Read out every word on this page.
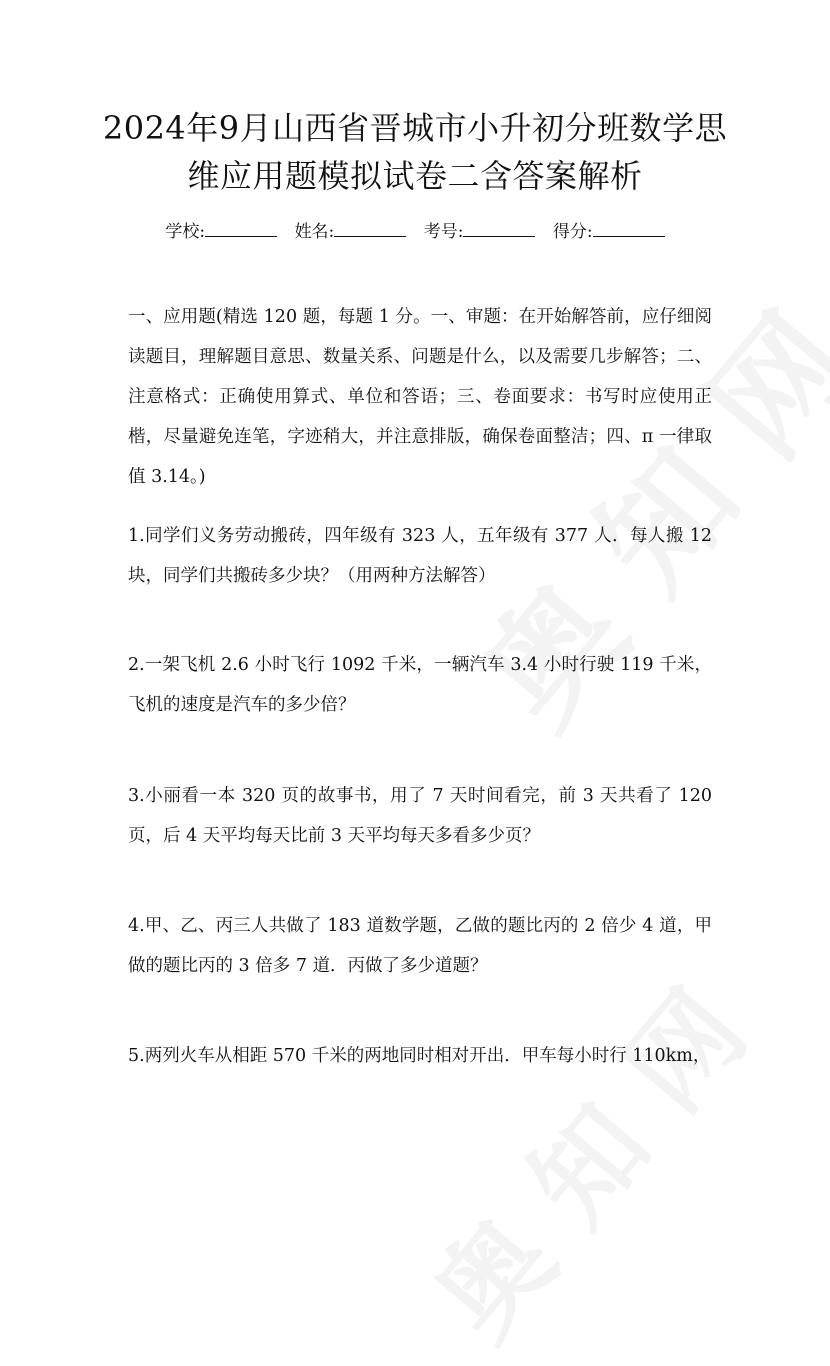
2024年9月山西省晋城市小升初分班数学思
维应用题模拟试卷二含答案解析
学校:	姓名:	考号:	得分:
一、应用题(精选 120 题，每题 1 分。一、审题：在开始解答前，应仔细阅读题目，理解题目意思、数量关系、问题是什么，以及需要几步解答；二、注意格式：正确使用算式、单位和答语；三、卷面要求：书写时应使用正楷，尽量避免连笔，字迹稍大，并注意排版，确保卷面整洁；四、π 一律取值 3.14。)
1.同学们义务劳动搬砖，四年级有 323 人，五年级有 377 人．每人搬 12 块，同学们共搬砖多少块？（用两种方法解答）
2.一架飞机 2.6 小时飞行 1092 千米，一辆汽车 3.4 小时行驶 119 千米，飞机的速度是汽车的多少倍？
3.小丽看一本 320 页的故事书，用了 7 天时间看完，前 3 天共看了 120 页，后 4 天平均每天比前 3 天平均每天多看多少页？
4.甲、乙、丙三人共做了 183 道数学题，乙做的题比丙的 2 倍少 4 道，甲做的题比丙的 3 倍多 7 道．丙做了多少道题？
5.两列火车从相距 570 千米的两地同时相对开出．甲车每小时行 110km，
